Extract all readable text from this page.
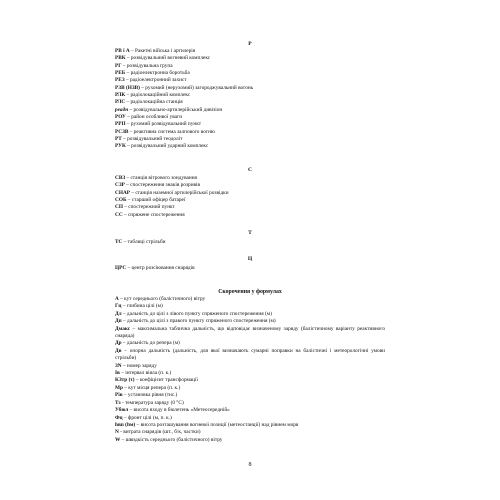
Р
РВ і А – Ракетні війська і артилерія
РВК – розвідувальний вогневий комплекс
РГ – розвідувальна група
РЕБ – радіоелектронна боротьба
РЕЗ – радіоелектронний захист
РЗВ (НЗВ) – рухомий (нерухомий) загороджувальний вогонь
РЛК – радіолокаційний комплекс
РЛС – радіолокаційна станція
реадн – розвідувально-артилерійський дивізіон
РОУ – район особливої уваги
РРП – рухомий розвідувальний пункт
РСЗВ – реактивна система залпового вогню
РТ – розвідувальний теодоліт
РУК – розвідувальний ударний комплекс
С
СВЗ – станція вітрового зондування
СЗР – спостереження знаків розривів
СНАР – станція наземної артилерійської розвідки
СОБ – старший офіцер батареї
СП – спостережний пункт
СС – спряжене спостереження
Т
ТС – таблиці стрільби
Ц
ЦРС – центр розсіювання снарядів
Скорочення у формулах
А – кут середнього (балістичного) вітру
Гц – глибина цілі (м)
Дл – дальність до цілі з лівого пункту спряженого спостереження (м)
Дп – дальність до цілі з правого пункту спряженого спостереження (м)
Дмакс – максимальна таблична дальність, що відповідає визначеному заряду (балістичному варіанту реактивного снаряда)
Др – дальність до репера (м)
Дв – опорна дальність (дальність, для якої визначають сумарні поправки на балістичні і метеорологічні умови стрільби)
ЗN – номер заряду
Ів – інтервал віяла (п. к.)
КЗтр (τ) – коефіцієнт трансформації
Мр – кут місця репера (п. к.)
Рів – установка рівня (тис.)
Тз - температура заряду (0 °С)
Убюл – висота входу в бюлетень «Метеосередній»
Фц – фронт цілі (м, п. к.)
hвп (hм) – висота розташування вогневої позиції (метеостанції) над рівнем моря
N - витрата снарядів (шт., б/к, частки)
W – швидкість середнього (балістичного) вітру
8
